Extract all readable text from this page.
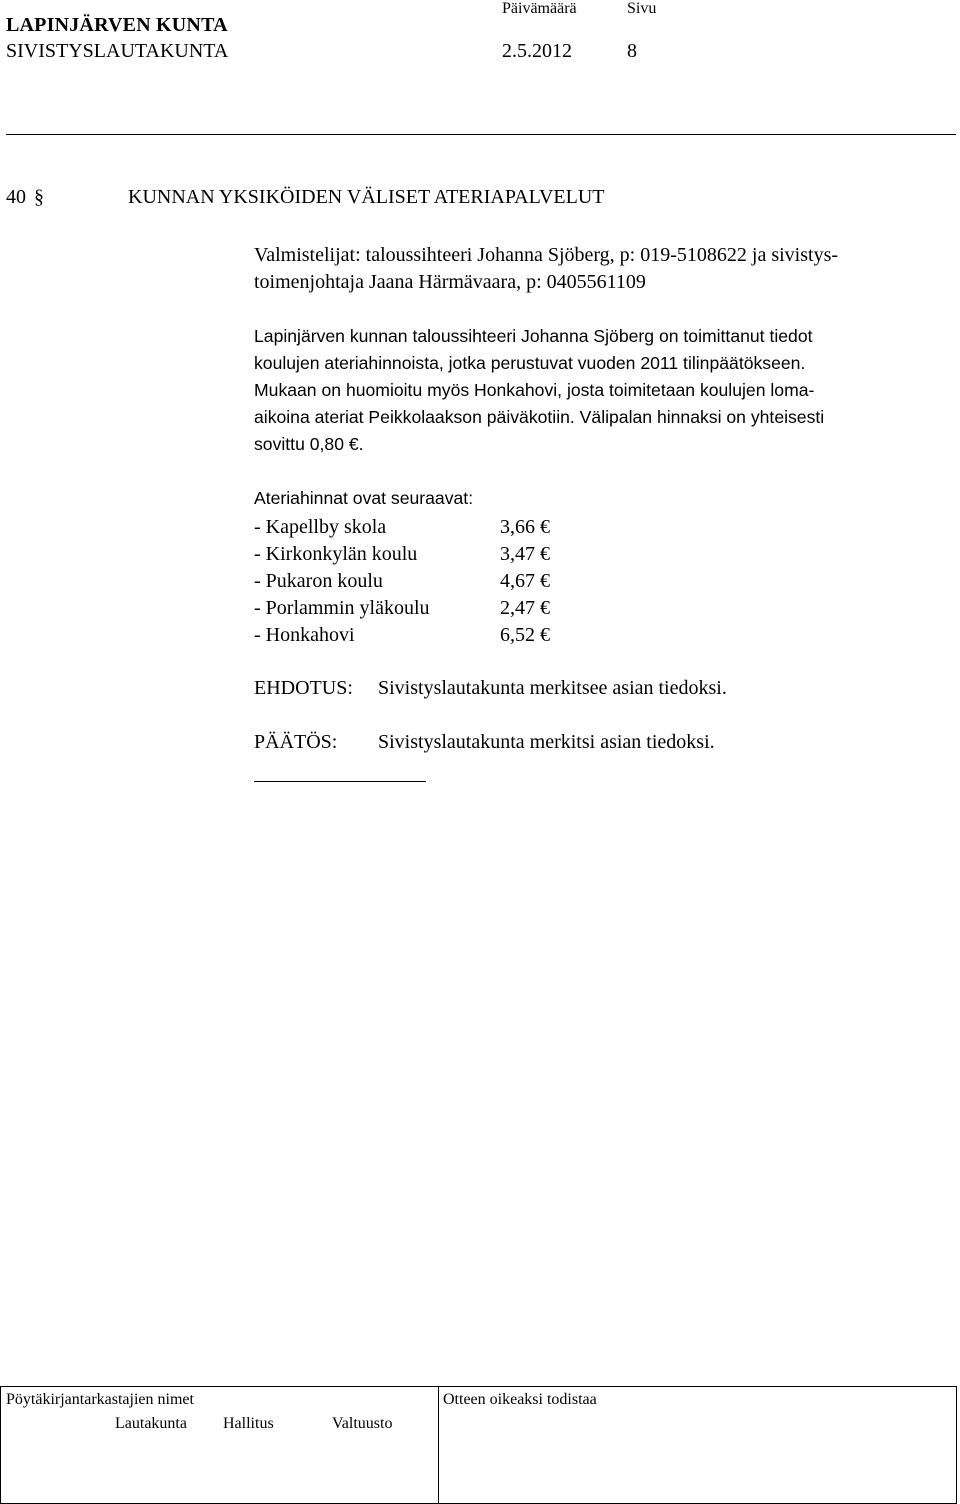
LAPINJÄRVEN KUNTA
SIVISTYSLAUTAKUNTA
Päivämäärä	Sivu
2.5.2012	8
40 §	KUNNAN YKSIKÖIDEN VÄLISET ATERIAPALVELUT
Valmistelijat: taloussihteeri Johanna Sjöberg, p: 019-5108622 ja sivistys-
toimenjohtaja Jaana Härmävaara, p: 0405561109
Lapinjärven kunnan taloussihteeri Johanna Sjöberg on toimittanut tiedot
koulujen ateriahinnoista, jotka perustuvat vuoden 2011 tilinpäätökseen.
Mukaan on huomioitu myös Honkahovi, josta toimitetaan koulujen loma-
aikoina ateriat Peikkolaakson päiväkotiin. Välipalan hinnaksi on yhteisesti
sovittu 0,80 €.
Ateriahinnat ovat seuraavat:
- Kapellby skola	3,66 €
- Kirkonkylän koulu	3,47 €
- Pukaron koulu	4,67 €
- Porlammin yläkoulu	2,47 €
- Honkahovi	6,52 €
EHDOTUS: Sivistyslautakunta merkitsee asian tiedoksi.
PÄÄTÖS: Sivistyslautakunta merkitsi asian tiedoksi.
Pöytäkirjantarkastajien nimet
Lautakunta Hallitus	Valtuusto
Otteen oikeaksi todistaa
